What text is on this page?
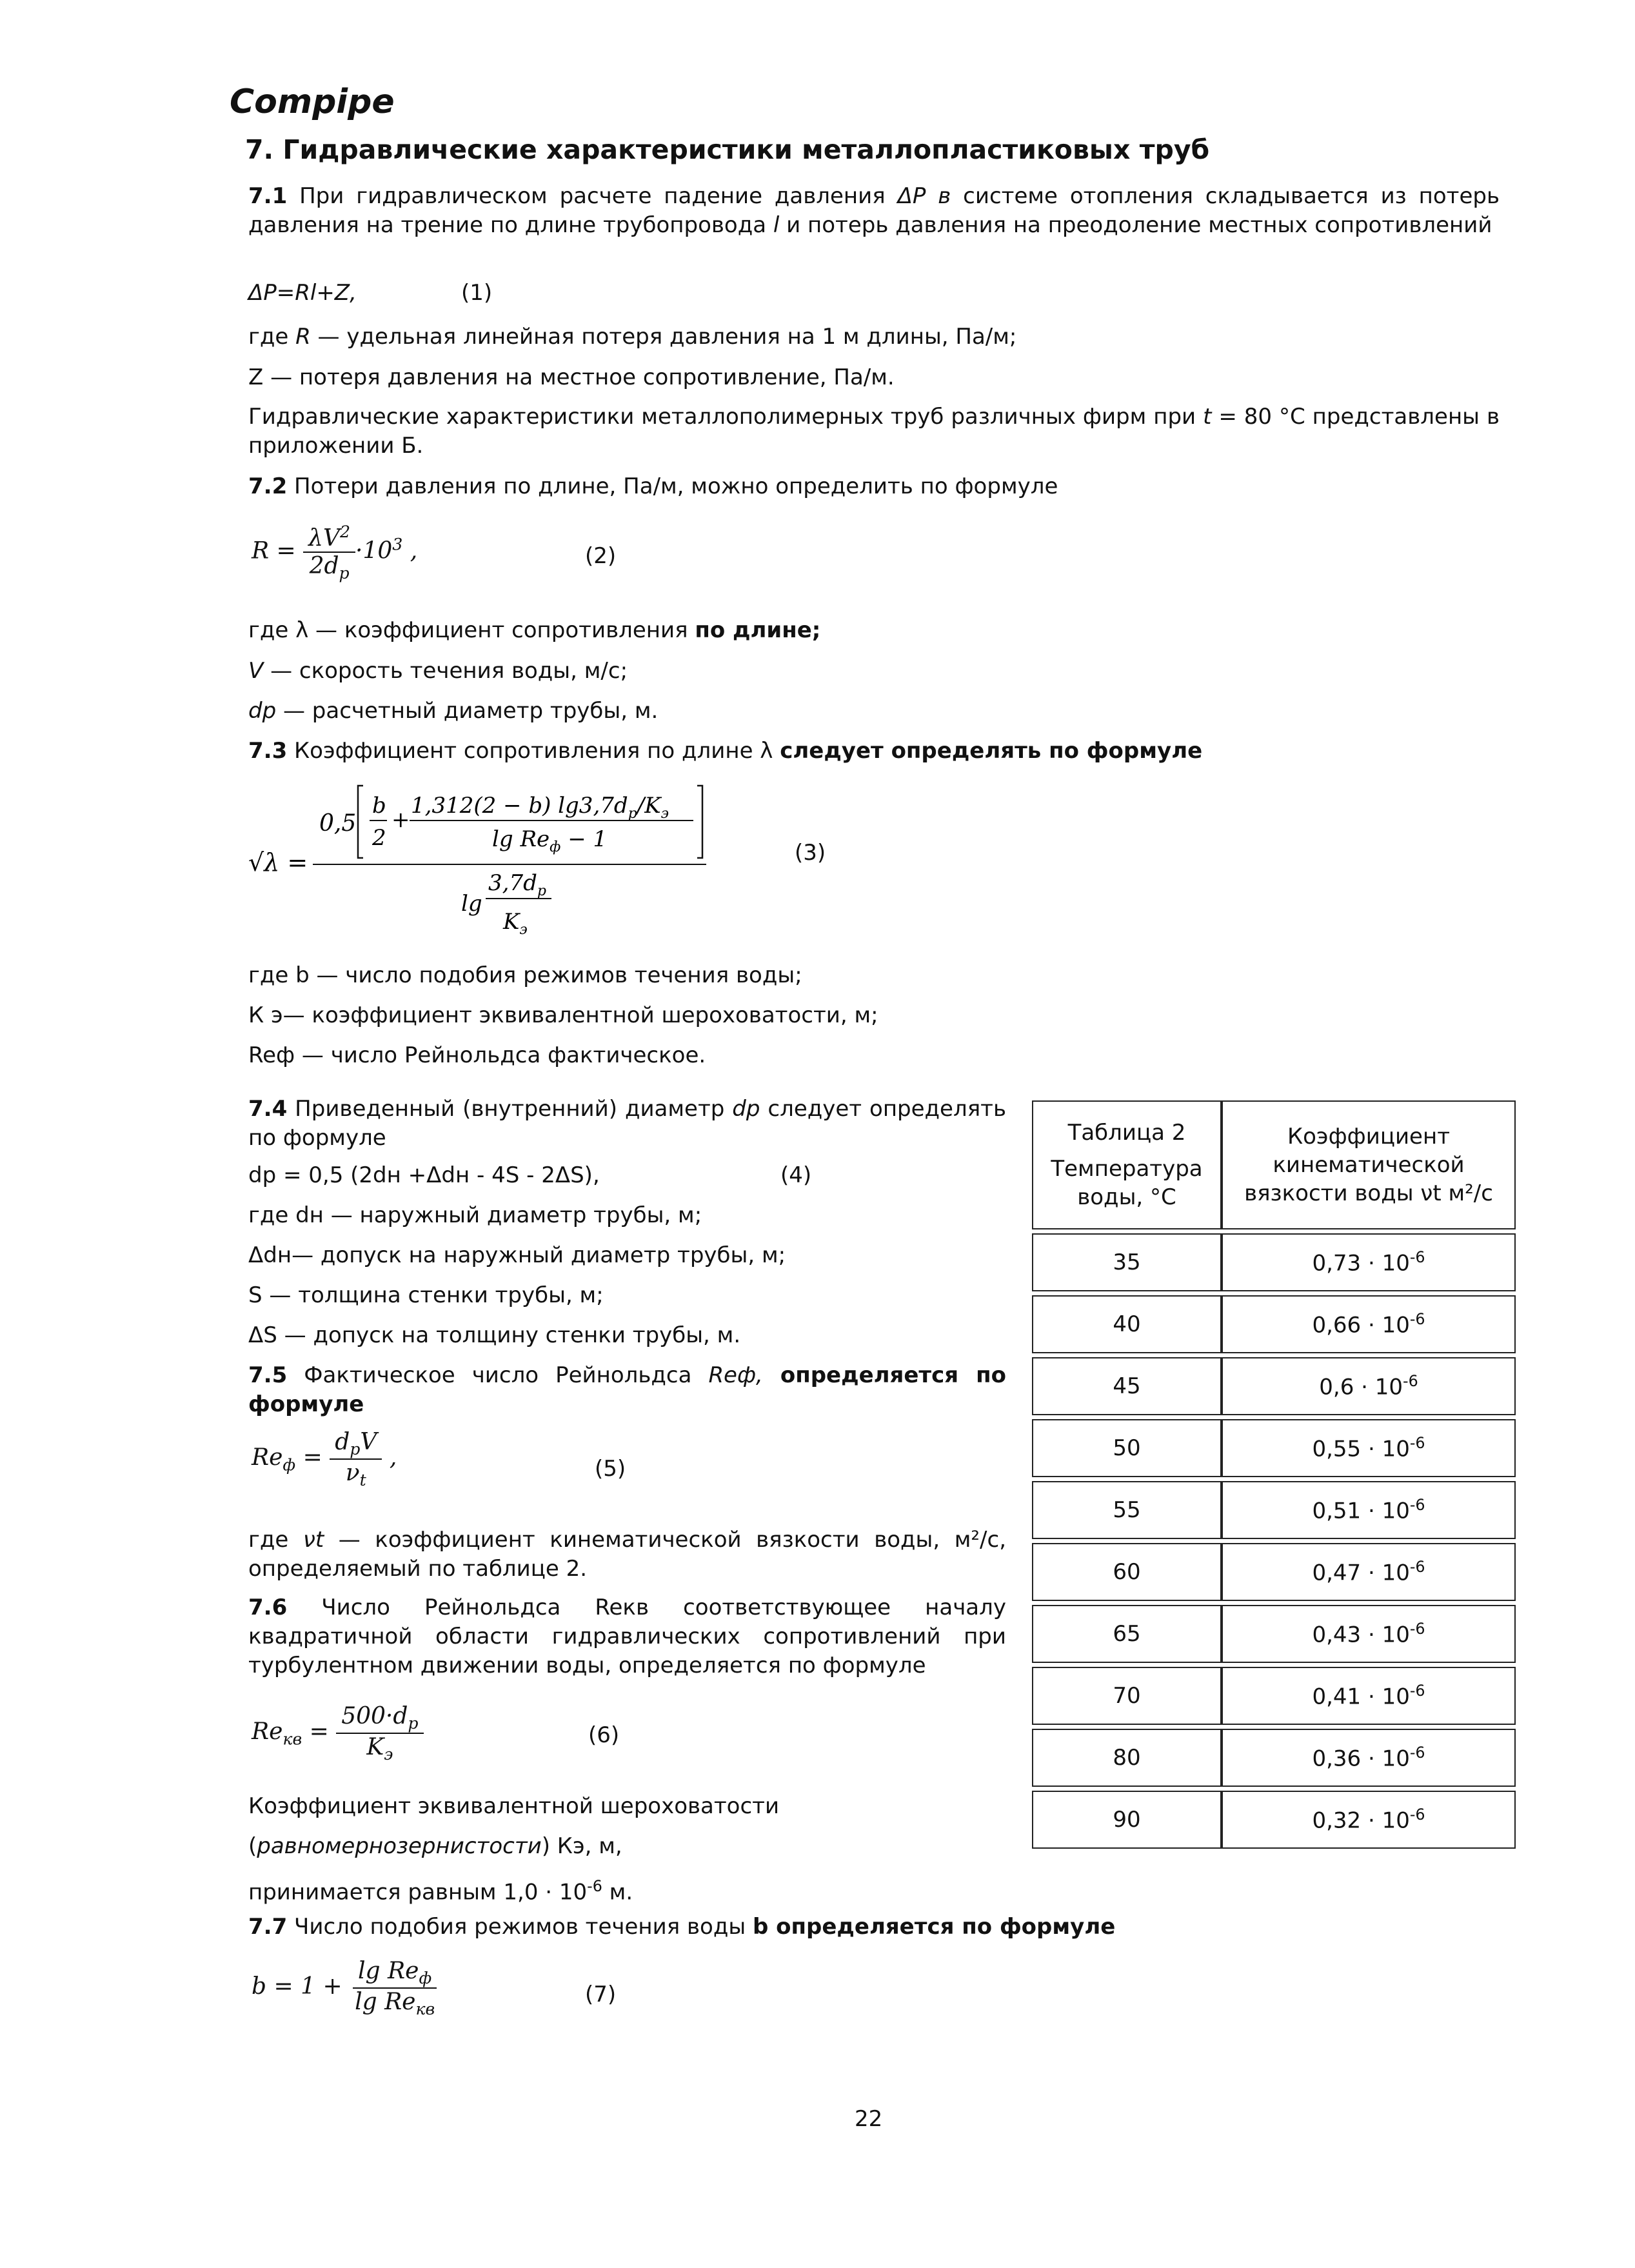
Compipe
7. Гидравлические характеристики металлопластиковых труб
7.1 При гидравлическом расчете падение давления ΔP в системе отопления складывается из потерь давления на трение по длине трубопровода l и потерь давления на преодоление местных сопротивлений
ΔP=Rl+Z,	(1)
где R — удельная линейная потеря давления на 1 м длины, Па/м;
Z — потеря давления на местное сопротивление, Па/м.
Гидравлические характеристики металлополимерных труб различных фирм при t = 80 °С представлены в приложении Б.
7.2 Потери давления по длине, Па/м, можно определить по формуле
$R = \frac{\lambda V^2}{2d_p} \cdot 10^3$ ,	(2)
где λ — коэффициент сопротивления по длине;
V — скорость течения воды, м/с;
dp — расчетный диаметр трубы, м.
7.3 Коэффициент сопротивления по длине λ следует определять по формуле
√λ =
0,5
b
2
+
1,312(2 − b) $\lg 3,7d_p/K_э$
$\lg Re_ф - 1$
lg
$3,7d_p$
$K_э$
(3)
где b — число подобия режимов течения воды;
К э— коэффициент эквивалентной шероховатости, м;
Reф — число Рейнольдса фактическое.
7.4 Приведенный (внутренний) диаметр dр следует определять по формуле
dр = 0,5 (2dн +Δdн - 4S - 2ΔS),	(4)
где dн — наружный диаметр трубы, м;
Δdн— допуск на наружный диаметр трубы, м;
S — толщина стенки трубы, м;
ΔS — допуск на толщину стенки трубы, м.
7.5 Фактическое число Рейнольдса Reф, определяется по формуле
$Re_ф = \frac{d_pV}{\nu_t}$ ,	(5)
где νt — коэффициент кинематической вязкости воды, м²/с, определяемый по таблице 2.
7.6 Число Рейнольдса Reкв соответствующее началу квадратичной области гидравлических сопротивлений при турбулентном движении воды, определяется по формуле
$Re_{кв} = \frac{500\cdot d_p}{K_э}$	(6)
Коэффициент эквивалентной шероховатости
(равномернозернистости) Кэ, м,
принимается равным $1,0 \cdot 10^{-6}$ м.
7.7 Число подобия режимов течения воды b определяется по формуле
$b = 1 + \frac{\lg Re_ф}{\lg Re_{кв}}$	(7)
Таблица 2
Температура воды, °С	Коэффициент кинематической вязкости воды νt м²/с

35	$0,73 \cdot 10^{-6}$
40	$0,66 \cdot 10^{-6}$
45	$0,6 \cdot 10^{-6}$
50	$0,55 \cdot 10^{-6}$
55	$0,51 \cdot 10^{-6}$
60	$0,47 \cdot 10^{-6}$
65	$0,43 \cdot 10^{-6}$
70	$0,41 \cdot 10^{-6}$
80	$0,36 \cdot 10^{-6}$
90	$0,32 \cdot 10^{-6}$
22
